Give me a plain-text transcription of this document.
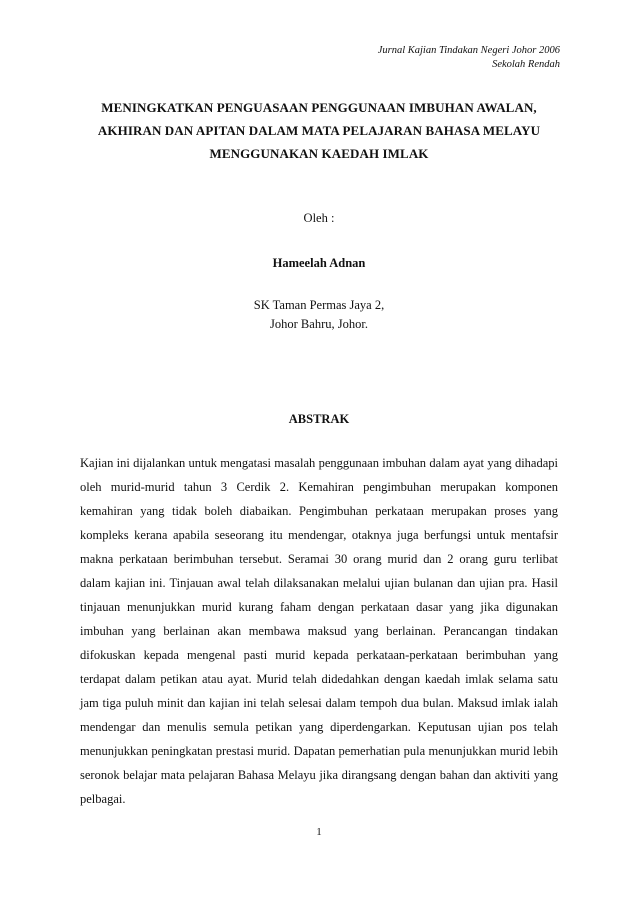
Jurnal Kajian Tindakan Negeri Johor 2006
Sekolah Rendah
MENINGKATKAN PENGUASAAN PENGGUNAAN IMBUHAN AWALAN,
AKHIRAN DAN APITAN DALAM MATA PELAJARAN BAHASA MELAYU
MENGGUNAKAN KAEDAH IMLAK
Oleh :
Hameelah Adnan
SK Taman Permas Jaya 2,
Johor Bahru, Johor.
ABSTRAK

Kajian ini dijalankan untuk mengatasi masalah penggunaan imbuhan dalam ayat yang dihadapi oleh murid-murid tahun 3 Cerdik 2. Kemahiran pengimbuhan merupakan komponen kemahiran yang tidak boleh diabaikan. Pengimbuhan perkataan merupakan proses yang kompleks kerana apabila seseorang itu mendengar, otaknya juga berfungsi untuk mentafsir makna perkataan berimbuhan tersebut. Seramai 30 orang murid dan 2 orang guru terlibat dalam kajian ini. Tinjauan awal telah dilaksanakan melalui ujian bulanan dan ujian pra. Hasil tinjauan menunjukkan murid kurang faham dengan perkataan dasar yang jika digunakan imbuhan yang berlainan akan membawa maksud yang berlainan. Perancangan tindakan difokuskan kepada mengenal pasti murid kepada perkataan-perkataan berimbuhan yang terdapat dalam petikan atau ayat. Murid telah didedahkan dengan kaedah imlak selama satu jam tiga puluh minit dan kajian ini telah selesai dalam tempoh dua bulan. Maksud imlak ialah mendengar dan menulis semula petikan yang diperdengarkan. Keputusan ujian pos telah menunjukkan peningkatan prestasi murid. Dapatan pemerhatian pula menunjukkan murid lebih seronok belajar mata pelajaran Bahasa Melayu jika dirangsang dengan bahan dan aktiviti yang pelbagai.

1
